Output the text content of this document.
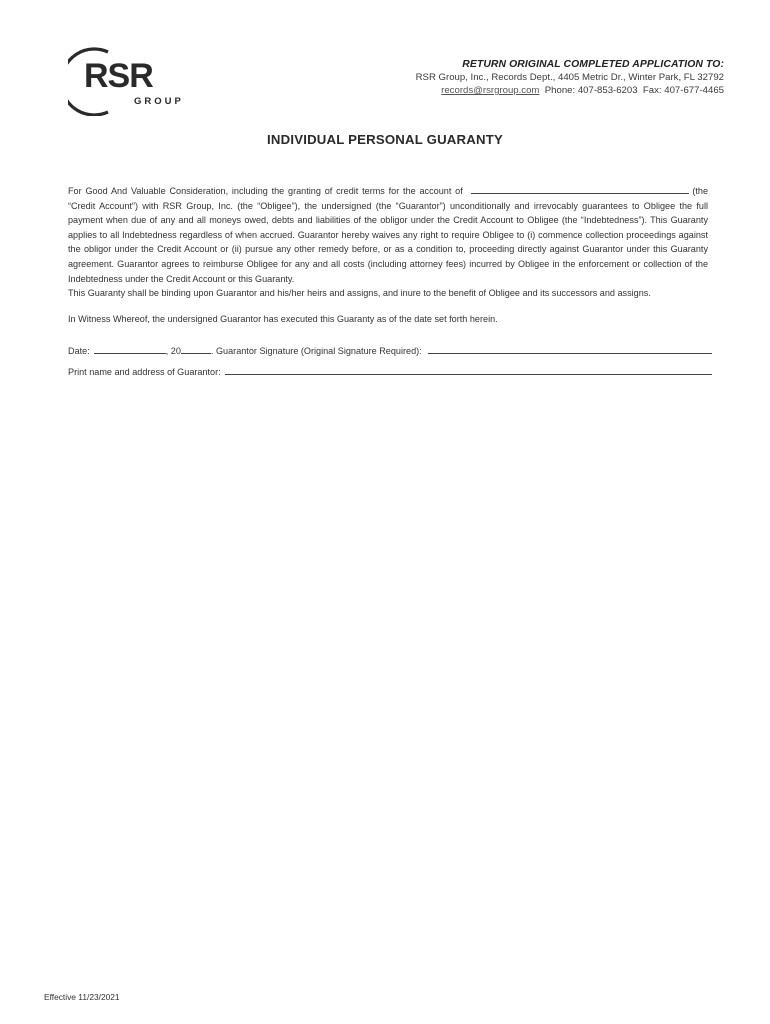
RSR
GROUP
RETURN ORIGINAL COMPLETED APPLICATION TO:
RSR Group, Inc., Records Dept., 4405 Metric Dr., Winter Park, FL 32792
records@rsrgroup.com Phone: 407-853-6203 Fax: 407-677-4465
INDIVIDUAL PERSONAL GUARANTY

For Good And Valuable Consideration, including the granting of credit terms for the account of	(the “Credit Account”) with RSR Group, Inc. (the “Obligee”), the undersigned (the “Guarantor”) unconditionally and irrevocably guarantees to Obligee the full payment when due of any and all moneys owed, debts and liabilities of the obligor under the Credit Account to Obligee (the “Indebtedness”). This Guaranty applies to all Indebtedness regardless of when accrued. Guarantor hereby waives any right to require Obligee to (i) commence collection proceedings against the obligor under the Credit Account or (ii) pursue any other remedy before, or as a condition to, proceeding directly against Guarantor under this Guaranty agreement. Guarantor agrees to reimburse Obligee for any and all costs (including attorney fees) incurred by Obligee in the enforcement or collection of the Indebtedness under the Credit Account or this Guaranty.

This Guaranty shall be binding upon Guarantor and his/her heirs and assigns, and inure to the benefit of Obligee and its successors and assigns.

In Witness Whereof, the undersigned Guarantor has executed this Guaranty as of the date set forth herein.
Date:	, 20	. Guarantor Signature (Original Signature Required):
Print name and address of Guarantor:
Effective 11/23/2021
